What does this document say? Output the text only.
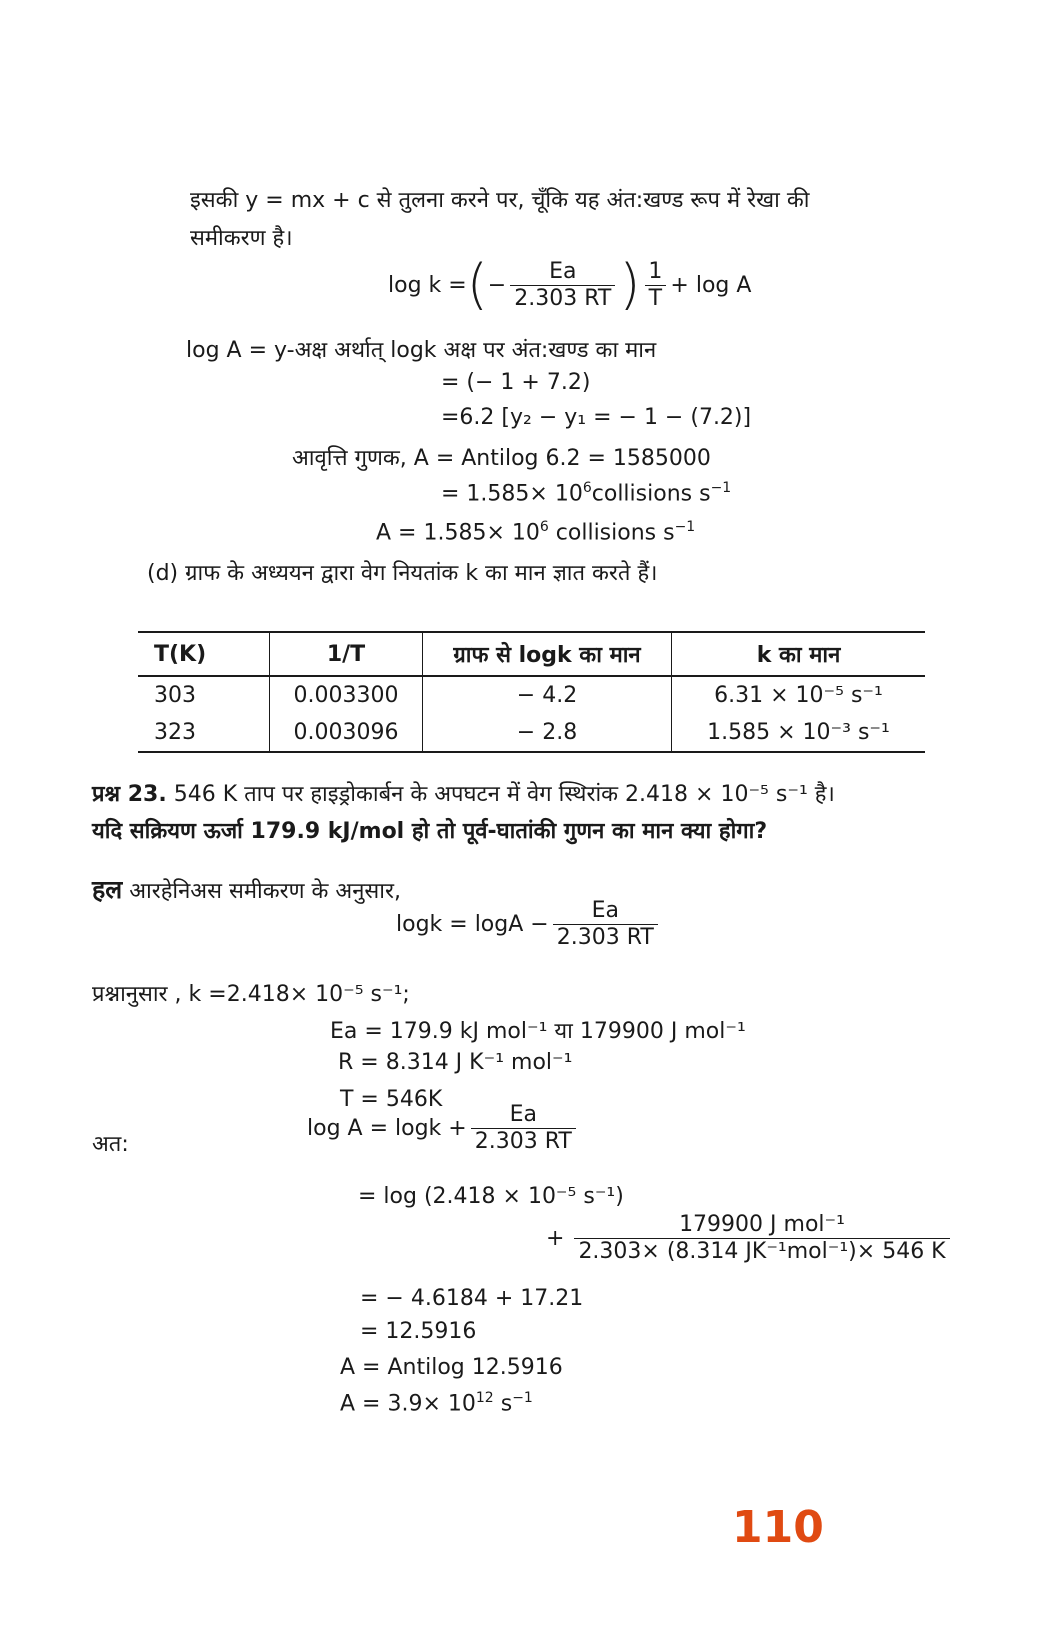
इसकी y = mx + c से तुलना करने पर, चूँकि यह अंत:खण्ड रूप में रेखा की
समीकरण है।
log k = ( − $\frac{Ea}{2.303 RT}$ ) $\frac{1}{T} + \log A$
log A = y-अक्ष अर्थात् logk अक्ष पर अंत:खण्ड का मान
= (− 1 + 7.2)
=6.2 [y₂ − y₁ = − 1 − (7.2)]
आवृत्ति गुणक, A = Antilog 6.2 = 1585000
= $1.585\times 10^6collisions$ $s^{-1}$
$A = 1.585\times 10^6$ collisions $s^{-1}$
(d) ग्राफ के अध्ययन द्वारा वेग नियतांक k का मान ज्ञात करते हैं।
T(K)	1/T	ग्राफ से logk का मान	k का मान
303	0.003300	− 4.2	6.31 × 10⁻⁵ s⁻¹
323	0.003096	− 2.8	1.585 × 10⁻³ s⁻¹
प्रश्न 23. 546 K ताप पर हाइड्रोकार्बन के अपघटन में वेग स्थिरांक 2.418 × 10⁻⁵ s⁻¹ है।
यदि सक्रियण ऊर्जा 179.9 kJ/mol हो तो पूर्व-घातांकी गुणन का मान क्या होगा?
हल आरहेनिअस समीकरण के अनुसार,
$\log k = \log A - \frac{Ea}{2.303 RT}$
प्रश्नानुसार , k =2.418× 10⁻⁵ s⁻¹;
Ea = 179.9 kJ mol⁻¹ या 179900 J mol⁻¹
R = 8.314 J K⁻¹ mol⁻¹
T = 546K
अत:
$\log A = \log k + \frac{Ea}{2.303 RT}$
= log (2.418 × 10⁻⁵ s⁻¹)
+ $\frac{\text{179900 J mol⁻¹}}{\text{2.303× (8.314 JK⁻¹mol⁻¹)× 546 K}}$
= − 4.6184 + 17.21
= 12.5916
A = Antilog 12.5916
$A = 3.9\times 10^{12}$ $s^{-1}$
110
